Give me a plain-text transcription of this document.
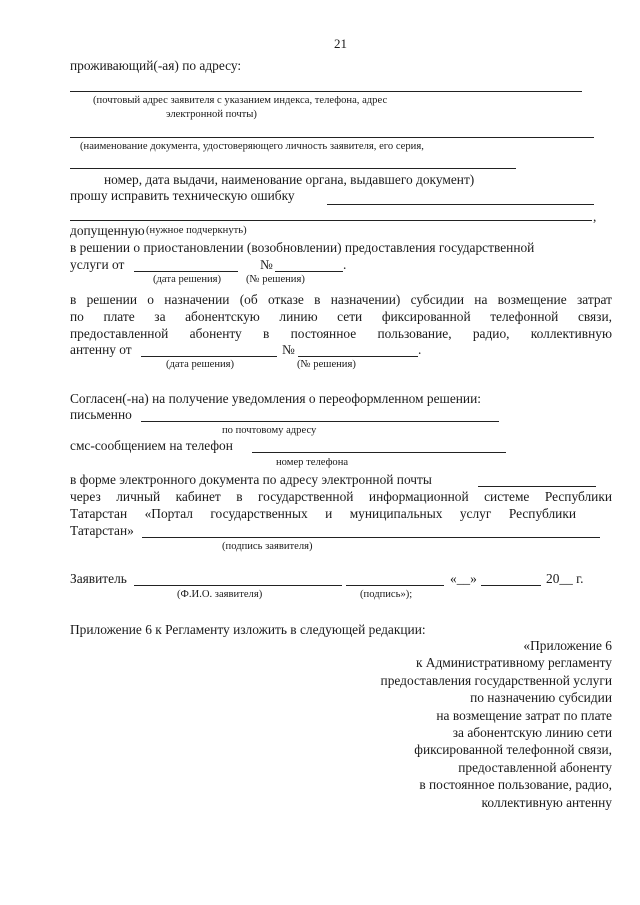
21
проживающий(-ая) по адресу:
(почтовый адрес заявителя с указанием индекса, телефона, адрес
электронной почты)
(наименование документа, удостоверяющего личность заявителя, его серия,
номер, дата выдачи, наименование органа, выдавшего документ)
прошу исправить техническую ошибку
,
допущенную (нужное подчеркнуть)
в решении о приостановлении (возобновлении) предоставления государственной
услуги от	№	.
(дата решения) (№ решения)
в решении о назначении (об отказе в назначении) субсидии на возмещение затрат
по плате за абонентскую линию сети фиксированной телефонной связи,
предоставленной абоненту в постоянное пользование, радио, коллективную
антенну от	№	.
(дата решения)	(№ решения)
Согласен(-на) на получение уведомления о переоформленном решении:
письменно
по почтовому адресу
смс-сообщением на телефон
номер телефона
в форме электронного документа по адресу электронной почты
через личный кабинет в государственной информационной системе Республики
Татарстан «Портал государственных и муниципальных услуг Республики
Татарстан»
(подпись заявителя)
Заявитель	«__»	20__ г.
(Ф.И.О. заявителя)	(подпись»);
Приложение 6 к Регламенту изложить в следующей редакции:
«Приложение 6
к Административному регламенту
предоставления государственной услуги
по назначению субсидии
на возмещение затрат по плате
за абонентскую линию сети
фиксированной телефонной связи,
предоставленной абоненту
в постоянное пользование, радио,
коллективную антенну
